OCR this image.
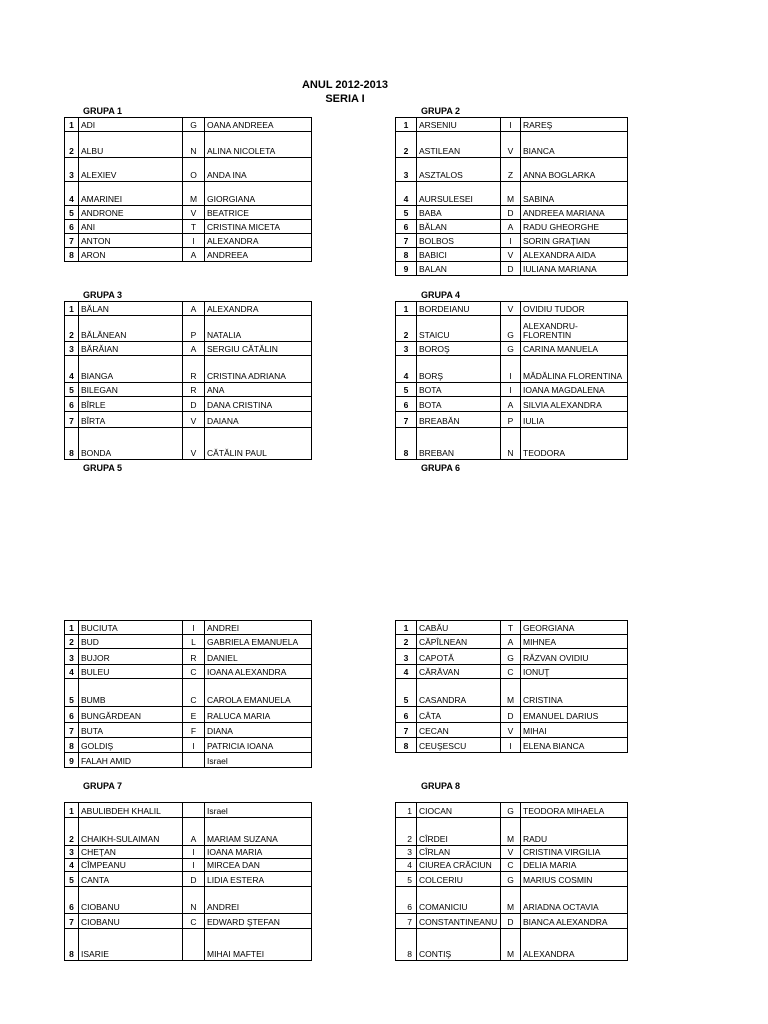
ANUL 2012-2013
SERIA I
GRUPA 1	GRUPA 2
GRUPA 3	GRUPA 4
GRUPA 5	GRUPA 6
GRUPA 7	GRUPA 8
1	ADI	G	OANA ANDREEA
2	ALBU	N	ALINA NICOLETA
3	ALEXIEV	O	ANDA INA
4	AMARINEI	M	GIORGIANA
5	ANDRONE	V	BEATRICE
6	ANI	T	CRISTINA MICETA
7	ANTON	I	ALEXANDRA
8	ARON	A	ANDREEA
1	ARSENIU	I	RAREŞ
2	ASTILEAN	V	BIANCA
3	ASZTALOS	Z	ANNA BOGLARKA
4	AURSULESEI	M	SABINA
5	BABA	D	ANDREEA MARIANA
6	BĂLAN	A	RADU GHEORGHE
7	BOLBOS	I	SORIN GRAŢIAN
8	BABICI	V	ALEXANDRA AIDA
9	BALAN	D	IULIANA MARIANA
1	BĂLAN	A	ALEXANDRA
2	BĂLĂNEAN	P	NATALIA
3	BĂRĂIAN	A	SERGIU CĂTĂLIN
4	BIANGA	R	CRISTINA ADRIANA
5	BILEGAN	R	ANA
6	BÎRLE	D	DANA CRISTINA
7	BÎRTA	V	DAIANA
8	BONDA	V	CĂTĂLIN PAUL
1	BORDEIANU	V	OVIDIU TUDOR
2	STAICU	G	ALEXANDRU-FLORENTIN
3	BOROŞ	G	CARINA MANUELA
4	BORŞ	I	MĂDĂLINA FLORENTINA
5	BOTA	I	IOANA MAGDALENA
6	BOTA	A	SILVIA ALEXANDRA
7	BREABĂN	P	IULIA
8	BREBAN	N	TEODORA
1	BUCIUTA	I	ANDREI
2	BUD	L	GABRIELA EMANUELA
3	BUJOR	R	DANIEL
4	BULEU	C	IOANA ALEXANDRA
5	BUMB	C	CAROLA EMANUELA
6	BUNGĂRDEAN	E	RALUCA MARIA
7	BUTA	F	DIANA
8	GOLDIŞ	I	PATRICIA IOANA
9	FALAH AMID		Israel
1	CABĂU	T	GEORGIANA
2	CĂPÎLNEAN	A	MIHNEA
3	CAPOTĂ	G	RĂZVAN OVIDIU
4	CĂRĂVAN	C	IONUŢ
5	CASANDRA	M	CRISTINA
6	CÂTA	D	EMANUEL DARIUS
7	CECAN	V	MIHAI
8	CEUŞESCU	I	ELENA BIANCA
1	ABULIBDEH KHALIL		Israel
2	CHAIKH-SULAIMAN	A	MARIAM SUZANA
3	CHEŢAN	I	IOANA MARIA
4	CÎMPEANU	I	MIRCEA DAN
5	CANTA	D	LIDIA ESTERA
6	CIOBANU	N	ANDREI
7	CIOBANU	C	EDWARD ŞTEFAN
8	ISARIE		MIHAI MAFTEI
1	CIOCAN	G	TEODORA MIHAELA
2	CÎRDEI	M	RADU
3	CÎRLAN	V	CRISTINA VIRGILIA
4	CIUREA CRĂCIUN	C	DELIA MARIA
5	COLCERIU	G	MARIUS COSMIN
6	COMANICIU	M	ARIADNA OCTAVIA
7	CONSTANTINEANU	D	BIANCA ALEXANDRA
8	CONTIŞ	M	ALEXANDRA
